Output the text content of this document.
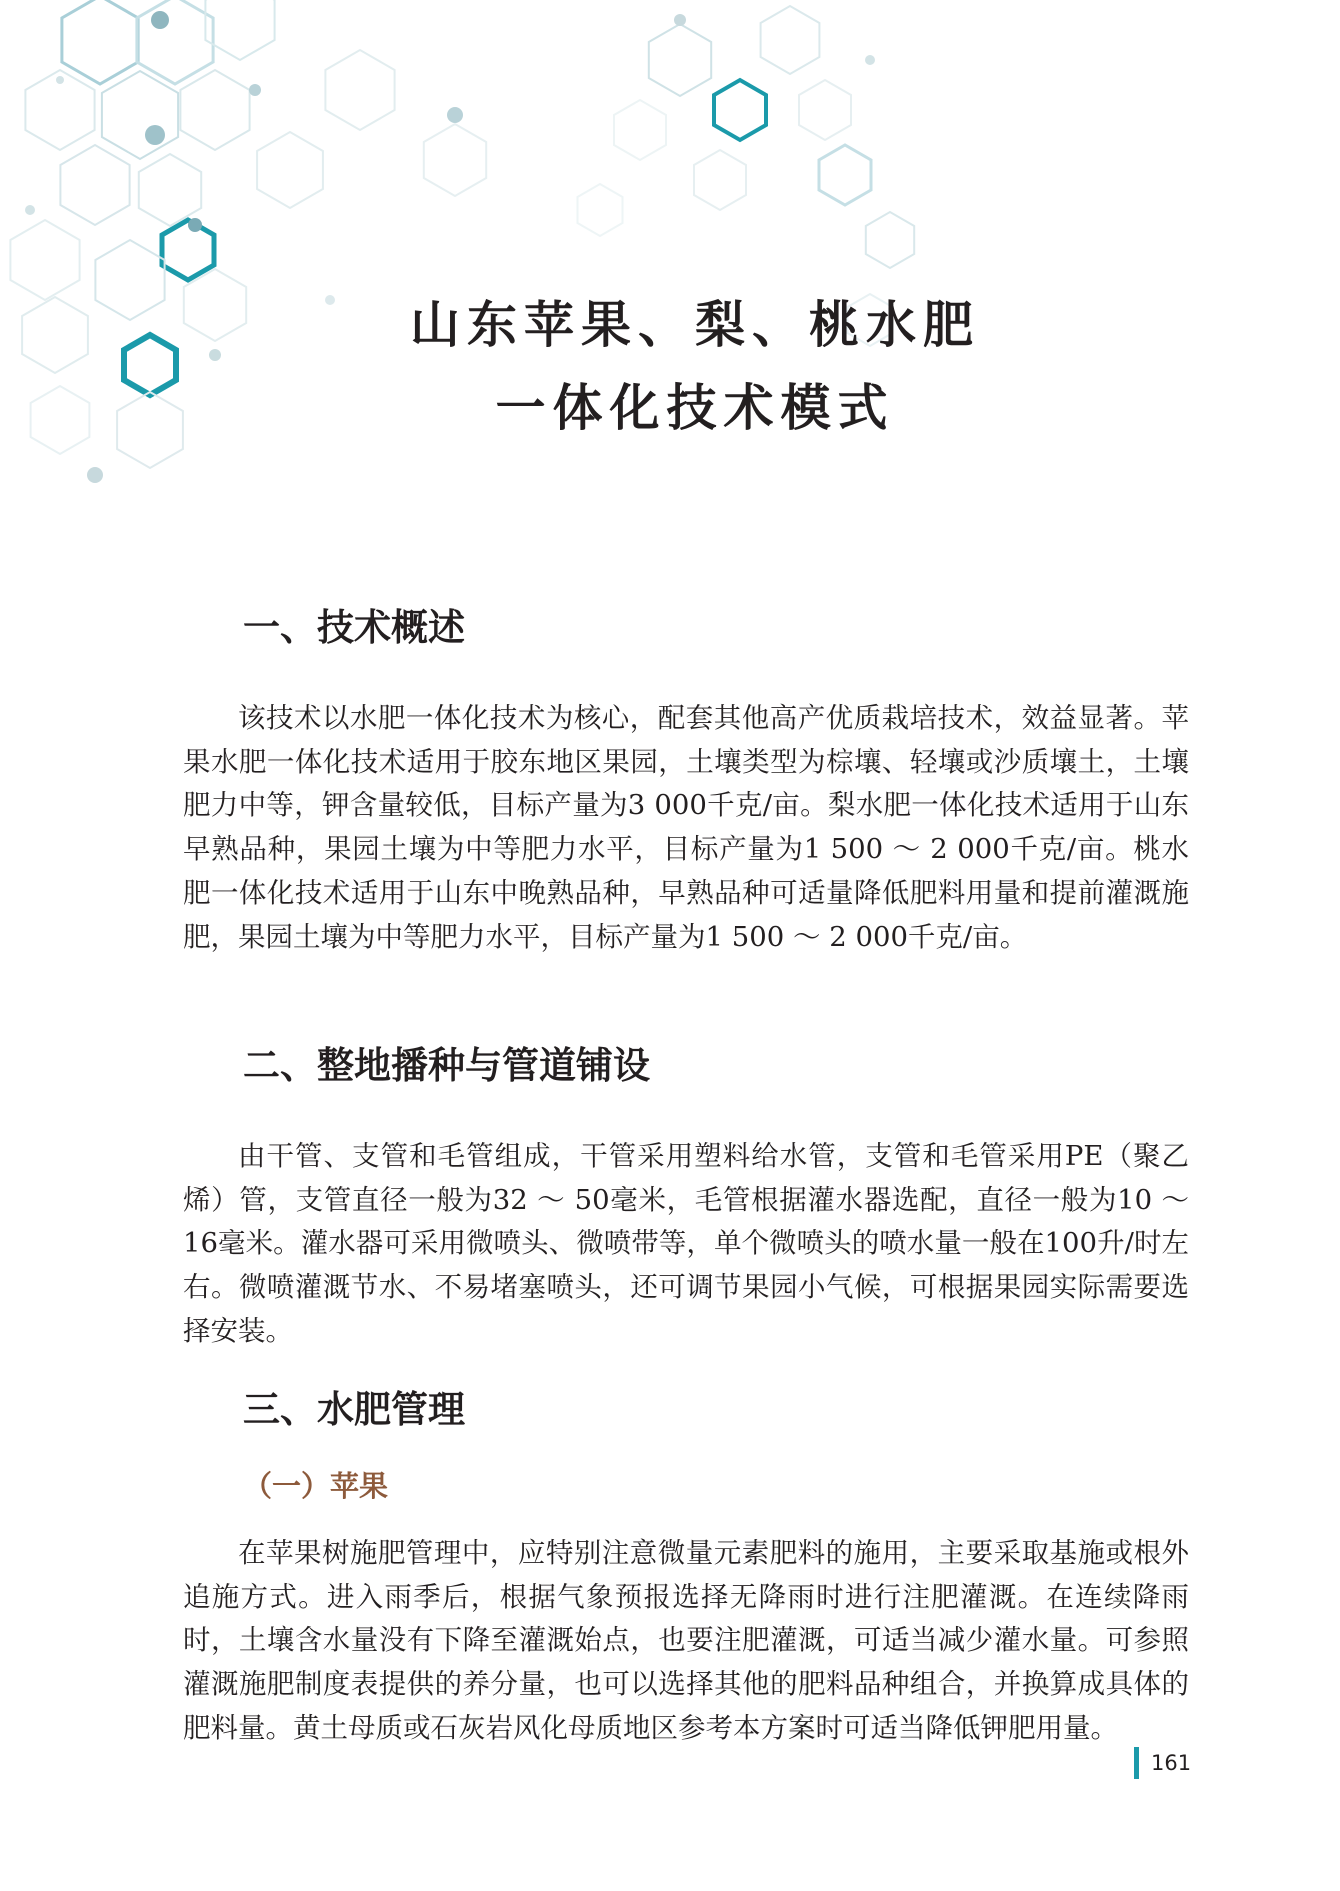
山东苹果、梨、桃水肥
一体化技术模式
一、技术概述

该技术以水肥一体化技术为核心，配套其他高产优质栽培技术，效益显著。苹果水肥一体化技术适用于胶东地区果园，土壤类型为棕壤、轻壤或沙质壤土，土壤肥力中等，钾含量较低，目标产量为3 000千克/亩。梨水肥一体化技术适用于山东早熟品种，果园土壤为中等肥力水平，目标产量为1 500 ～ 2 000千克/亩。桃水肥一体化技术适用于山东中晚熟品种，早熟品种可适量降低肥料用量和提前灌溉施肥，果园土壤为中等肥力水平，目标产量为1 500 ～ 2 000千克/亩。

二、整地播种与管道铺设

由干管、支管和毛管组成，干管采用塑料给水管，支管和毛管采用PE（聚乙烯）管，支管直径一般为32 ～ 50毫米，毛管根据灌水器选配，直径一般为10 ～ 16毫米。灌水器可采用微喷头、微喷带等，单个微喷头的喷水量一般在100升/时左右。微喷灌溉节水、不易堵塞喷头，还可调节果园小气候，可根据果园实际需要选择安装。

三、水肥管理
（一）苹果

在苹果树施肥管理中，应特别注意微量元素肥料的施用，主要采取基施或根外追施方式。进入雨季后，根据气象预报选择无降雨时进行注肥灌溉。在连续降雨时，土壤含水量没有下降至灌溉始点，也要注肥灌溉，可适当减少灌水量。可参照灌溉施肥制度表提供的养分量，也可以选择其他的肥料品种组合，并换算成具体的肥料量。黄土母质或石灰岩风化母质地区参考本方案时可适当降低钾肥用量。

161
